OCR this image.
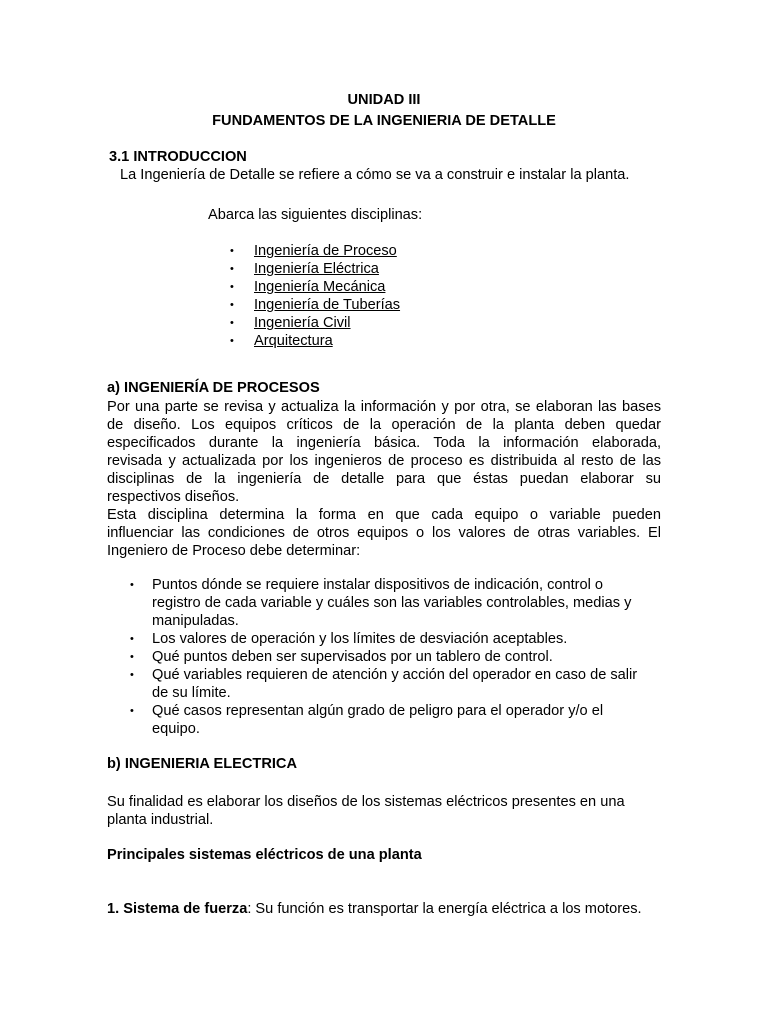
UNIDAD III
FUNDAMENTOS DE LA INGENIERIA DE DETALLE
3.1 INTRODUCCION
La Ingeniería de Detalle se refiere a cómo se va a construir e instalar la planta.
Abarca las siguientes disciplinas:
• Ingeniería de Proceso
• Ingeniería Eléctrica
• Ingeniería Mecánica
• Ingeniería de Tuberías
• Ingeniería Civil
• Arquitectura
a) INGENIERÍA DE PROCESOS
Por una parte se revisa y actualiza la información y por otra, se elaboran las bases
de diseño. Los equipos críticos de la operación de la planta deben quedar
especificados durante la ingeniería básica. Toda la información elaborada,
revisada y actualizada por los ingenieros de proceso es distribuida al resto de las
disciplinas de la ingeniería de detalle para que éstas puedan elaborar su
respectivos diseños.
Esta disciplina determina la forma en que cada equipo o variable pueden
influenciar las condiciones de otros equipos o los valores de otras variables. El
Ingeniero de Proceso debe determinar:
• Puntos dónde se requiere instalar dispositivos de indicación, control o
registro de cada variable y cuáles son las variables controlables, medias y
manipuladas.
• Los valores de operación y los límites de desviación aceptables.
• Qué puntos deben ser supervisados por un tablero de control.
• Qué variables requieren de atención y acción del operador en caso de salir
de su límite.
• Qué casos representan algún grado de peligro para el operador y/o el
equipo.
b) INGENIERIA ELECTRICA
Su finalidad es elaborar los diseños de los sistemas eléctricos presentes en una
planta industrial.
Principales sistemas eléctricos de una planta
1. Sistema de fuerza: Su función es transportar la energía eléctrica a los motores.
